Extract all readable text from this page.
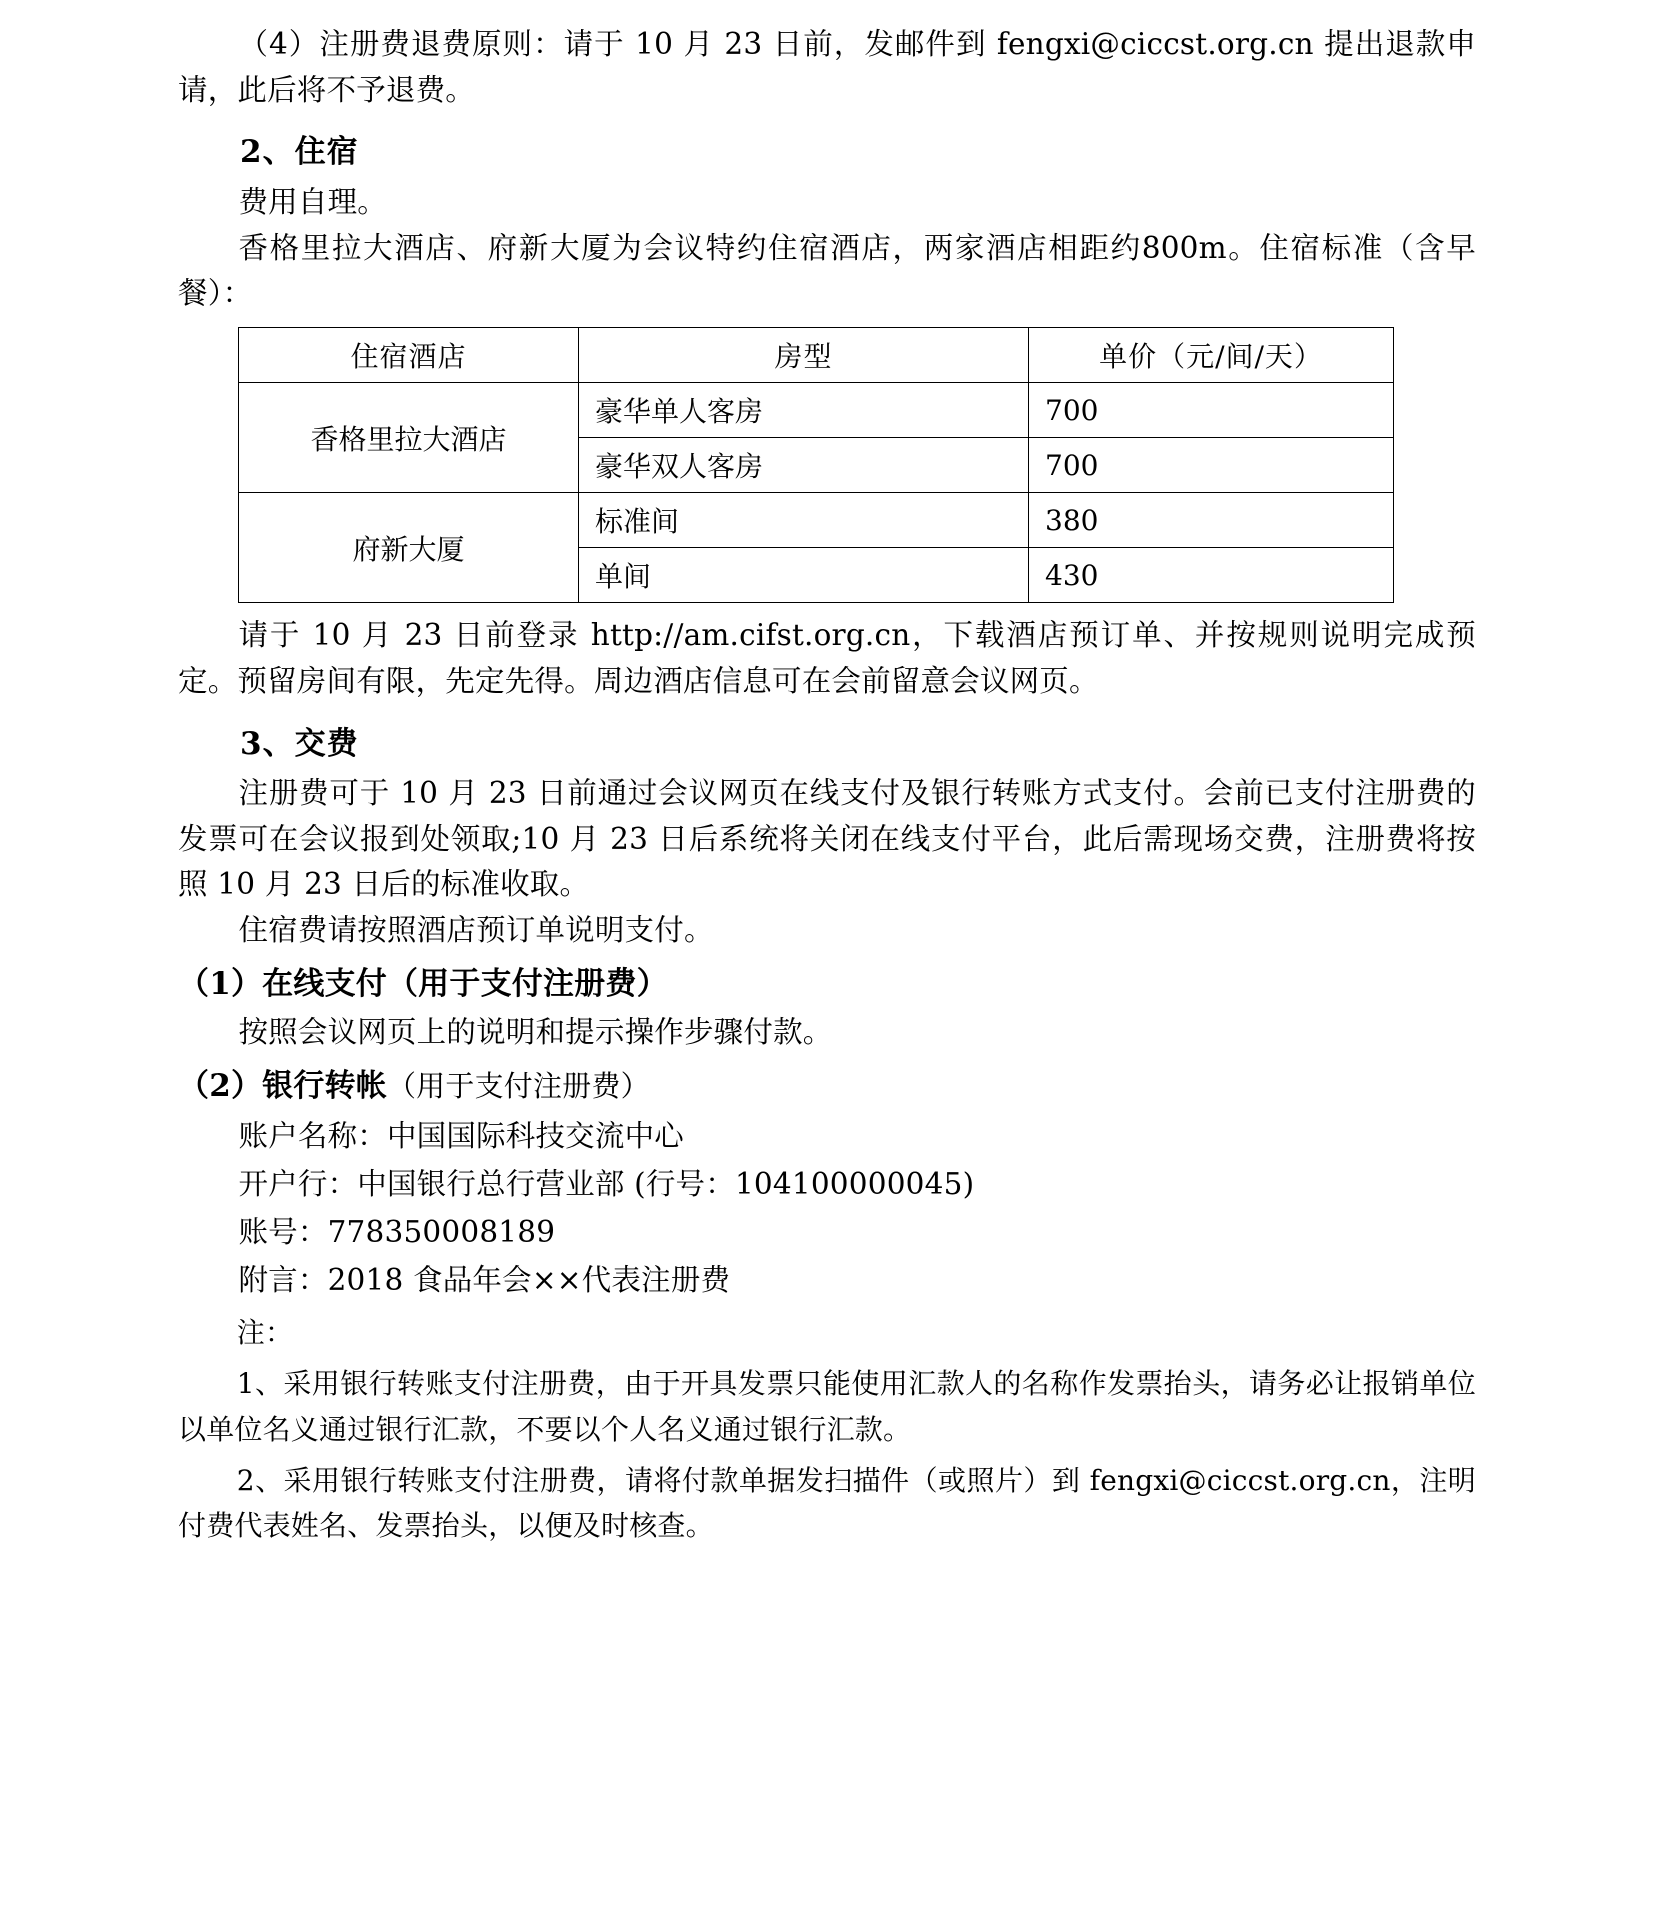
（4）注册费退费原则：请于 10 月 23 日前，发邮件到 fengxi@ciccst.org.cn 提出退款申请，此后将不予退费。

2、住宿

费用自理。

香格里拉大酒店、府新大厦为会议特约住宿酒店，两家酒店相距约800m。住宿标准（含早餐）：

住宿酒店	房型	单价（元/间/天）
香格里拉大酒店	豪华单人客房	700
	豪华双人客房	700
府新大厦	标准间	380
	单间	430

请于 10 月 23 日前登录 http://am.cifst.org.cn，下载酒店预订单、并按规则说明完成预定。预留房间有限，先定先得。周边酒店信息可在会前留意会议网页。

3、交费

注册费可于 10 月 23 日前通过会议网页在线支付及银行转账方式支付。会前已支付注册费的发票可在会议报到处领取;10 月 23 日后系统将关闭在线支付平台，此后需现场交费，注册费将按照 10 月 23 日后的标准收取。

住宿费请按照酒店预订单说明支付。

（1）在线支付（用于支付注册费）

按照会议网页上的说明和提示操作步骤付款。

（2）银行转帐（用于支付注册费）

账户名称：中国国际科技交流中心

开户行：中国银行总行营业部 (行号：104100000045)

账号：778350008189

附言：2018 食品年会××代表注册费

注：

1、采用银行转账支付注册费，由于开具发票只能使用汇款人的名称作发票抬头，请务必让报销单位以单位名义通过银行汇款，不要以个人名义通过银行汇款。

2、采用银行转账支付注册费，请将付款单据发扫描件（或照片）到 fengxi@ciccst.org.cn，注明付费代表姓名、发票抬头，以便及时核查。
